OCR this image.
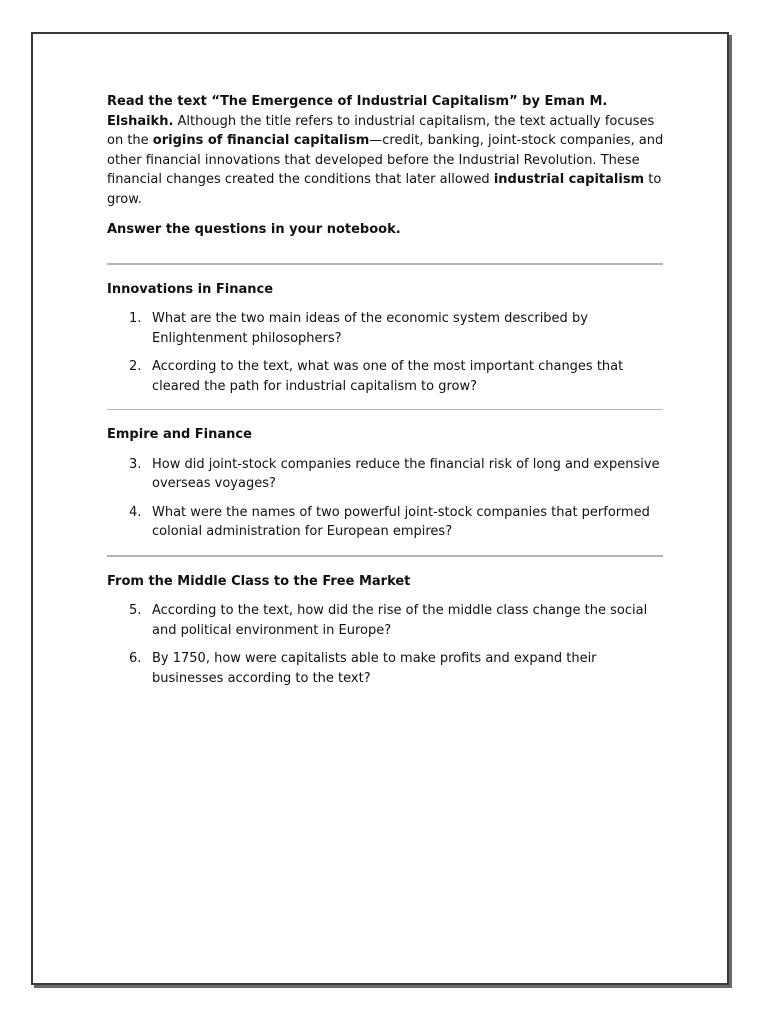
Read the text “The Emergence of Industrial Capitalism” by Eman M. Elshaikh. Although the title refers to industrial capitalism, the text actually focuses on the origins of financial capitalism—credit, banking, joint-stock companies, and other financial innovations that developed before the Industrial Revolution. These financial changes created the conditions that later allowed industrial capitalism to grow.

Answer the questions in your notebook.

Innovations in Finance

1. What are the two main ideas of the economic system described by Enlightenment philosophers?
2. According to the text, what was one of the most important changes that cleared the path for industrial capitalism to grow?

Empire and Finance

3. How did joint-stock companies reduce the financial risk of long and expensive overseas voyages?
4. What were the names of two powerful joint-stock companies that performed colonial administration for European empires?

From the Middle Class to the Free Market

5. According to the text, how did the rise of the middle class change the social and political environment in Europe?
6. By 1750, how were capitalists able to make profits and expand their businesses according to the text?
